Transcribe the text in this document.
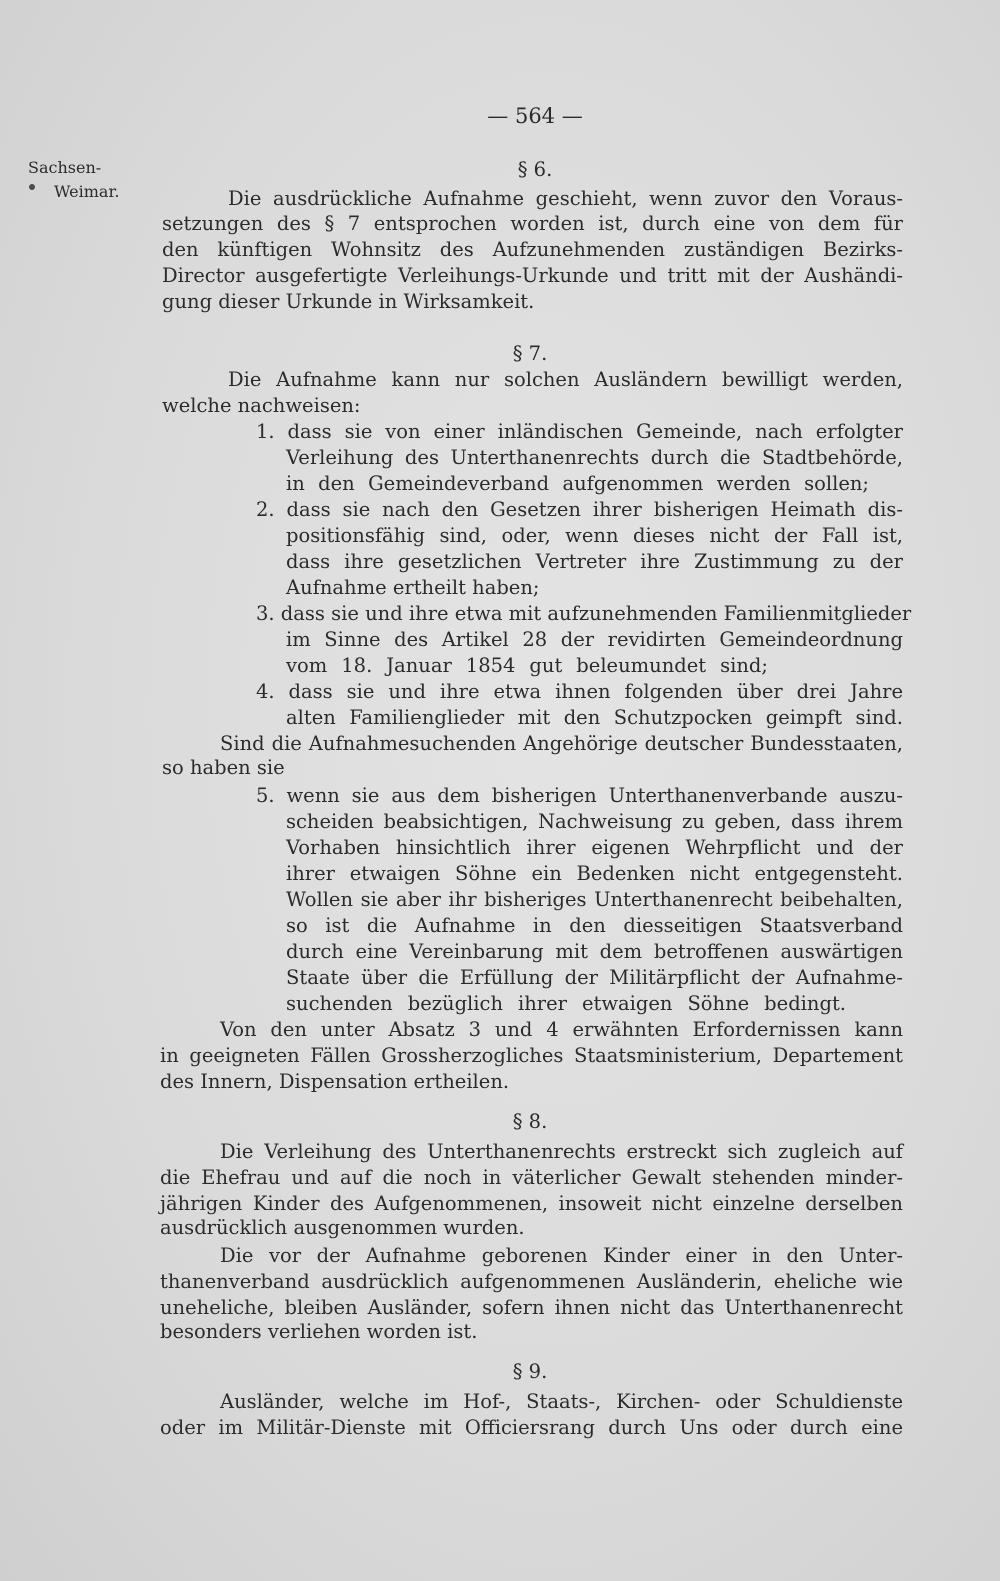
— 564 —
Sachsen-
Weimar.
§ 6.
Die ausdrückliche Aufnahme geschieht, wenn zuvor den Voraus-
setzungen des § 7 entsprochen worden ist, durch eine von dem für
den künftigen Wohnsitz des Aufzunehmenden zuständigen Bezirks-
Director ausgefertigte Verleihungs-Urkunde und tritt mit der Aushändi-
gung dieser Urkunde in Wirksamkeit.
§ 7.
Die Aufnahme kann nur solchen Ausländern bewilligt werden,
welche nachweisen:
1. dass sie von einer inländischen Gemeinde, nach erfolgter
Verleihung des Unterthanenrechts durch die Stadtbehörde,
in den Gemeindeverband aufgenommen werden sollen;
2. dass sie nach den Gesetzen ihrer bisherigen Heimath dis-
positionsfähig sind, oder, wenn dieses nicht der Fall ist,
dass ihre gesetzlichen Vertreter ihre Zustimmung zu der
Aufnahme ertheilt haben;
3. dass sie und ihre etwa mit aufzunehmenden Familienmitglieder
im Sinne des Artikel 28 der revidirten Gemeindeordnung
vom 18. Januar 1854 gut beleumundet sind;
4. dass sie und ihre etwa ihnen folgenden über drei Jahre
alten Familienglieder mit den Schutzpocken geimpft sind.
Sind die Aufnahmesuchenden Angehörige deutscher Bundesstaaten,
so haben sie
5. wenn sie aus dem bisherigen Unterthanenverbande auszu-
scheiden beabsichtigen, Nachweisung zu geben, dass ihrem
Vorhaben hinsichtlich ihrer eigenen Wehrpflicht und der
ihrer etwaigen Söhne ein Bedenken nicht entgegensteht.
Wollen sie aber ihr bisheriges Unterthanenrecht beibehalten,
so ist die Aufnahme in den diesseitigen Staatsverband
durch eine Vereinbarung mit dem betroffenen auswärtigen
Staate über die Erfüllung der Militärpflicht der Aufnahme-
suchenden bezüglich ihrer etwaigen Söhne bedingt.
Von den unter Absatz 3 und 4 erwähnten Erfordernissen kann
in geeigneten Fällen Grossherzogliches Staatsministerium, Departement
des Innern, Dispensation ertheilen.
§ 8.
Die Verleihung des Unterthanenrechts erstreckt sich zugleich auf
die Ehefrau und auf die noch in väterlicher Gewalt stehenden minder-
jährigen Kinder des Aufgenommenen, insoweit nicht einzelne derselben
ausdrücklich ausgenommen wurden.
Die vor der Aufnahme geborenen Kinder einer in den Unter-
thanenverband ausdrücklich aufgenommenen Ausländerin, eheliche wie
uneheliche, bleiben Ausländer, sofern ihnen nicht das Unterthanenrecht
besonders verliehen worden ist.
§ 9.
Ausländer, welche im Hof-, Staats-, Kirchen- oder Schuldienste
oder im Militär-Dienste mit Officiersrang durch Uns oder durch eine
